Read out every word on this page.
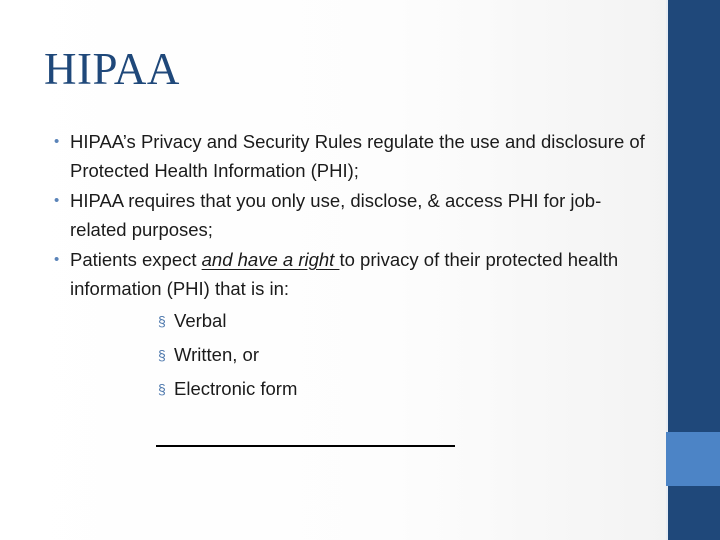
HIPAA
• HIPAA’s Privacy and Security Rules regulate the use and disclosure of Protected Health Information (PHI);
• HIPAA requires that you only use, disclose, & access PHI for job-related purposes;
• Patients expect and have a right to privacy of their protected health information (PHI) that is in:
§ Verbal
§ Written, or
§ Electronic form
